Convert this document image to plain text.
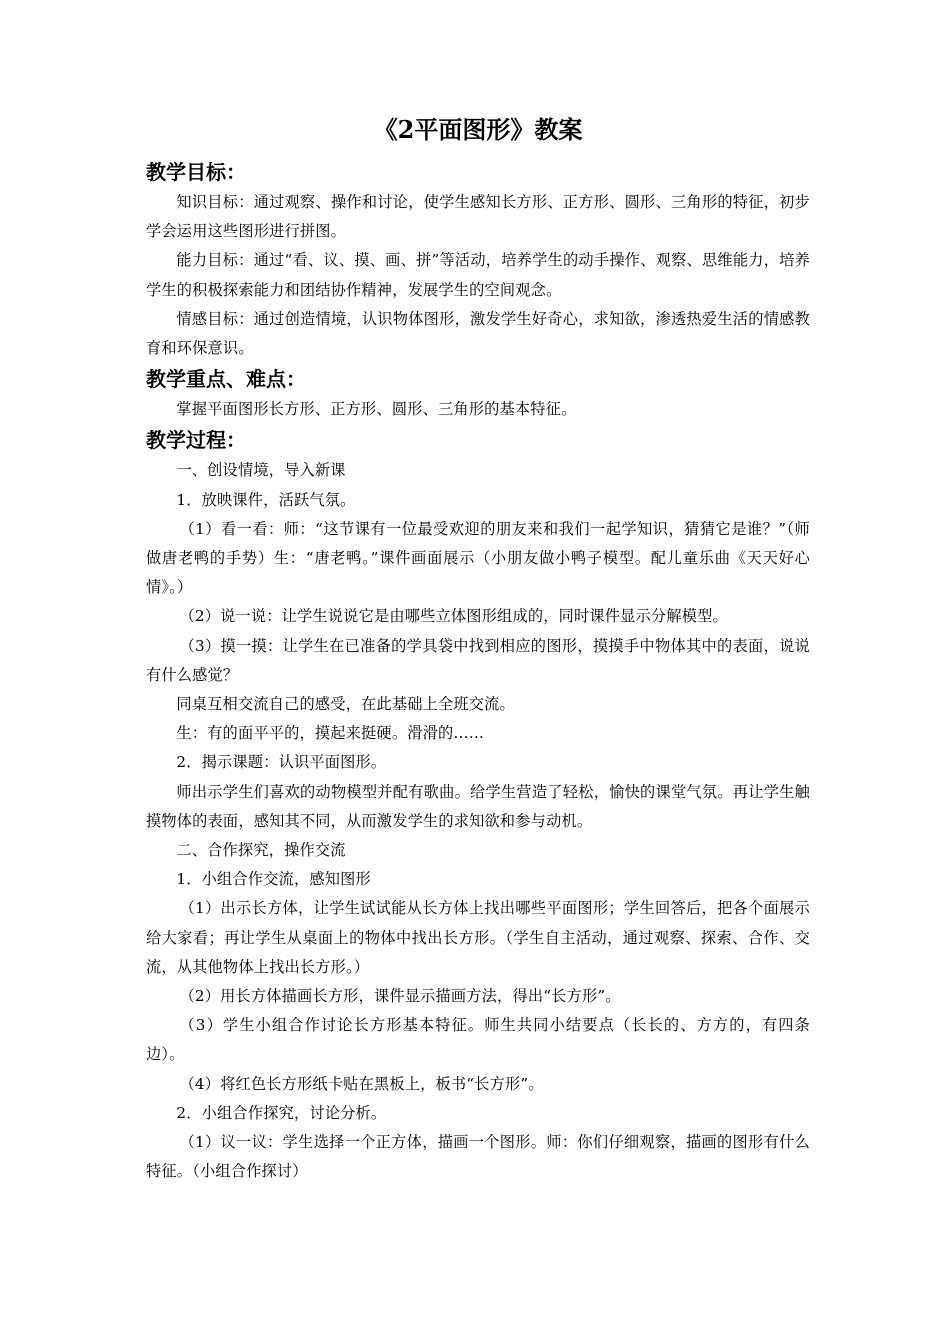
《2平面图形》教案
教学目标：

知识目标：通过观察、操作和讨论，使学生感知长方形、正方形、圆形、三角形的特征，初步学会运用这些图形进行拼图。

能力目标：通过“看、议、摸、画、拼”等活动，培养学生的动手操作、观察、思维能力，培养学生的积极探索能力和团结协作精神，发展学生的空间观念。

情感目标：通过创造情境，认识物体图形，激发学生好奇心，求知欲，渗透热爱生活的情感教育和环保意识。

教学重点、难点：

掌握平面图形长方形、正方形、圆形、三角形的基本特征。

教学过程：

一、创设情境，导入新课

1．放映课件，活跃气氛。

（1）看一看：师：“这节课有一位最受欢迎的朋友来和我们一起学知识，猜猜它是谁？”（师做唐老鸭的手势）生：“唐老鸭。”课件画面展示（小朋友做小鸭子模型。配儿童乐曲《天天好心情》。）

（2）说一说：让学生说说它是由哪些立体图形组成的，同时课件显示分解模型。

（3）摸一摸：让学生在已准备的学具袋中找到相应的图形，摸摸手中物体其中的表面，说说有什么感觉？

同桌互相交流自己的感受，在此基础上全班交流。

生：有的面平平的，摸起来挺硬。滑滑的……

2．揭示课题：认识平面图形。

师出示学生们喜欢的动物模型并配有歌曲。给学生营造了轻松，愉快的课堂气氛。再让学生触摸物体的表面，感知其不同，从而激发学生的求知欲和参与动机。

二、合作探究，操作交流

1．小组合作交流，感知图形

（1）出示长方体，让学生试试能从长方体上找出哪些平面图形；学生回答后，把各个面展示给大家看；再让学生从桌面上的物体中找出长方形。（学生自主活动，通过观察、探索、合作、交流，从其他物体上找出长方形。）

（2）用长方体描画长方形，课件显示描画方法，得出“长方形”。

（3）学生小组合作讨论长方形基本特征。师生共同小结要点（长长的、方方的，有四条边）。

（4）将红色长方形纸卡贴在黑板上，板书“长方形”。

2．小组合作探究，讨论分析。

（1）议一议：学生选择一个正方体，描画一个图形。师：你们仔细观察，描画的图形有什么特征。（小组合作探讨）
